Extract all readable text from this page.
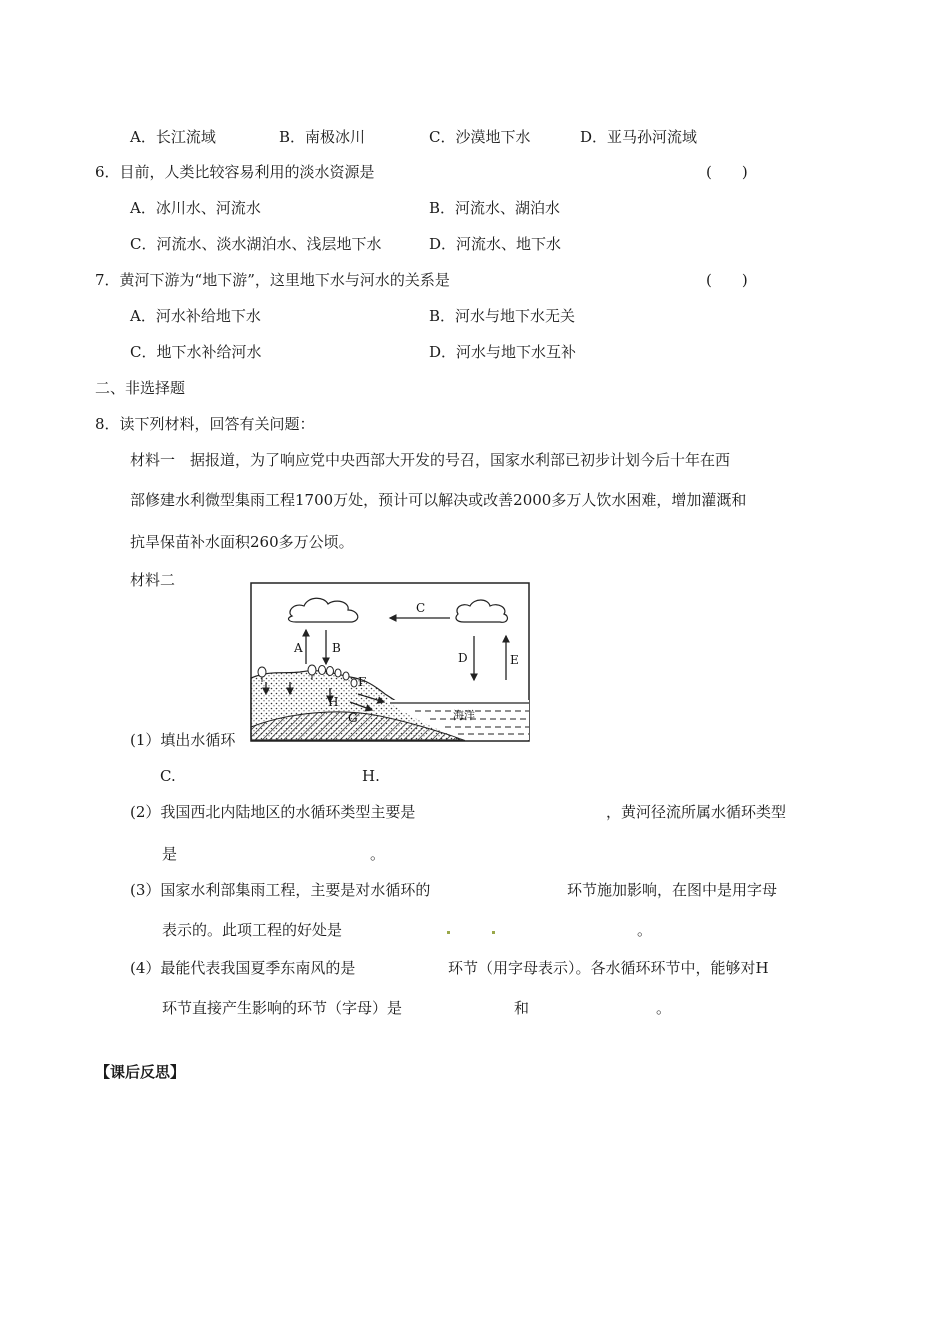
A．长江流域	B．南极冰川	C．沙漠地下水	D．亚马孙河流域
6．目前，人类比较容易利用的淡水资源是	(　　)
A．冰川水、河流水	B．河流水、湖泊水
C．河流水、淡水湖泊水、浅层地下水	D．河流水、地下水
7．黄河下游为“地下游”，这里地下水与河水的关系是	(　　)
A．河水补给地下水	B．河水与地下水无关
C．地下水补给河水	D．河水与地下水互补
二、非选择题
8．读下列材料，回答有关问题：
材料一　据报道，为了响应党中央西部大开发的号召，国家水利部已初步计划今后十年在西
部修建水利微型集雨工程1700万处，预计可以解决或改善2000多万人饮水困难，增加灌溉和
抗旱保苗补水面积260多万公顷。
材料二
海洋
A B
C
D	E
F
H
G
(1）填出水循环
C.	H.
(2）我国西北内陆地区的水循环类型主要是	，黄河径流所属水循环类型
是	。
(3）国家水利部集雨工程，主要是对水循环的	环节施加影响，在图中是用字母
表示的。此项工程的好处是	。
(4）最能代表我国夏季东南风的是	环节（用字母表示）。各水循环环节中，能够对H
环节直接产生影响的环节（字母）是	和	。
【课后反思】
